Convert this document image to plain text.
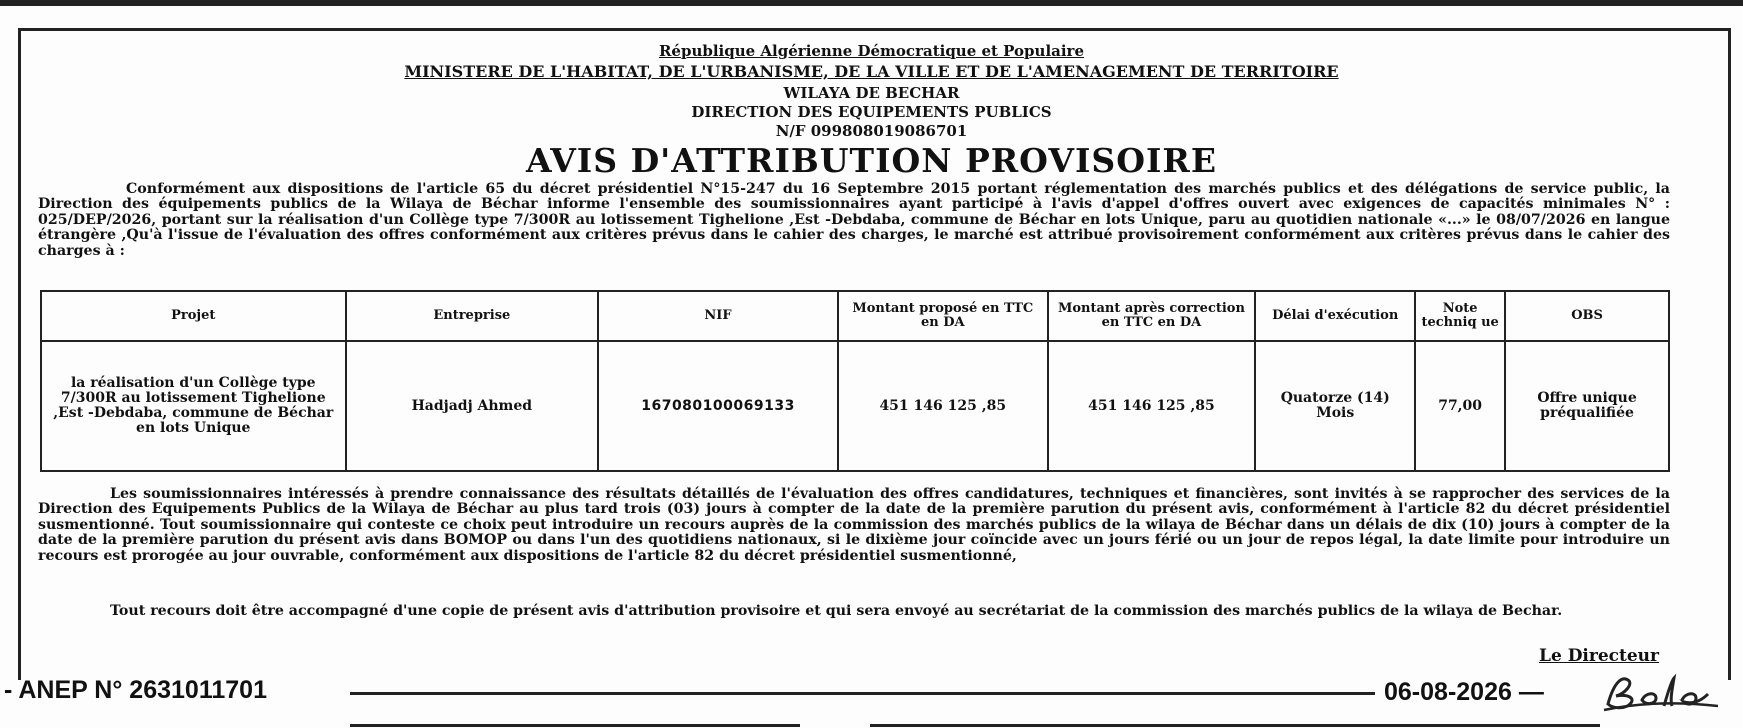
République Algérienne Démocratique et Populaire
MINISTERE DE L'HABITAT, DE L'URBANISME, DE LA VILLE ET DE L'AMENAGEMENT DE TERRITOIRE
WILAYA DE BECHAR
DIRECTION DES EQUIPEMENTS PUBLICS
N/F 099808019086701
AVIS D'ATTRIBUTION PROVISOIRE
Conformément aux dispositions de l'article 65 du décret présidentiel N°15-247 du 16 Septembre 2015 portant réglementation des marchés publics et des délégations de service public, la Direction des équipements publics de la Wilaya de Béchar informe l'ensemble des soumissionnaires ayant participé à l'avis d'appel d'offres ouvert avec exigences de capacités minimales N° : 025/DEP/2026, portant sur la réalisation d'un Collège type 7/300R au lotissement Tighelione ,Est -Debdaba, commune de Béchar en lots Unique, paru au quotidien nationale «...» le 08/07/2026 en langue étrangère ,Qu'à l'issue de l'évaluation des offres conformément aux critères prévus dans le cahier des charges, le marché est attribué provisoirement conformément aux critères prévus dans le cahier des charges à :
Projet	Entreprise	NIF	Montant proposé en TTC en DA	Montant après correction en TTC en DA	Délai d'exécution	Note techniq ue	OBS
la réalisation d'un Collège type 7/300R au lotissement Tighelione ,Est -Debdaba, commune de Béchar en lots Unique	Hadjadj Ahmed	167080100069133	451 146 125 ,85	451 146 125 ,85	Quatorze (14) Mois	77,00	Offre unique préqualifiée
Les soumissionnaires intéressés à prendre connaissance des résultats détaillés de l'évaluation des offres candidatures, techniques et financières, sont invités à se rapprocher des services de la Direction des Equipements Publics de la Wilaya de Béchar au plus tard trois (03) jours à compter de la date de la première parution du présent avis, conformément à l'article 82 du décret présidentiel susmentionné. Tout soumissionnaire qui conteste ce choix peut introduire un recours auprès de la commission des marchés publics de la wilaya de Béchar dans un délais de dix (10) jours à compter de la date de la première parution du présent avis dans BOMOP ou dans l'un des quotidiens nationaux, si le dixième jour coïncide avec un jours férié ou un jour de repos légal, la date limite pour introduire un recours est prorogée au jour ouvrable, conformément aux dispositions de l'article 82 du décret présidentiel susmentionné,
Tout recours doit être accompagné d'une copie de présent avis d'attribution provisoire et qui sera envoyé au secrétariat de la commission des marchés publics de la wilaya de Bechar.
Le Directeur
- ANEP N° 2631011701	06-08-2026 —
